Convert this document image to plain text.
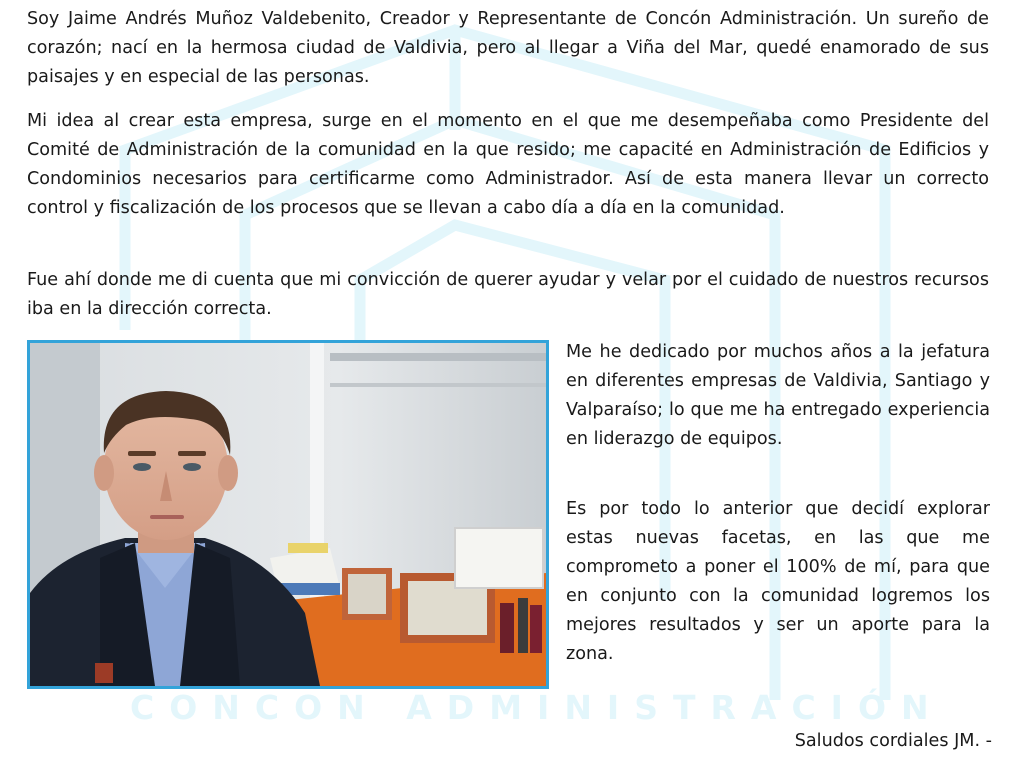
CONCON ADMINISTRACIÓN

Soy Jaime Andrés Muñoz Valdebenito, Creador y Representante de Concón Administración. Un sureño de corazón; nací en la hermosa ciudad de Valdivia, pero al llegar a Viña del Mar, quedé enamorado de sus paisajes y en especial de las personas.

Mi idea al crear esta empresa, surge en el momento en el que me desempeñaba como Presidente del Comité de Administración de la comunidad en la que resido; me capacité en Administración de Edificios y Condominios necesarios para certificarme como Administrador. Así de esta manera llevar un correcto control y fiscalización de los procesos que se llevan a cabo día a día en la comunidad.

Fue ahí donde me di cuenta que mi convicción de querer ayudar y velar por el cuidado de nuestros recursos iba en la dirección correcta.

Me he dedicado por muchos años a la jefatura en diferentes empresas de Valdivia, Santiago y Valparaíso; lo que me ha entregado experiencia en liderazgo de equipos.

Es por todo lo anterior que decidí explorar estas nuevas facetas, en las que me comprometo a poner el 100% de mí, para que en conjunto con la comunidad logremos los mejores resultados y ser un aporte para la zona.

Saludos cordiales JM. -
